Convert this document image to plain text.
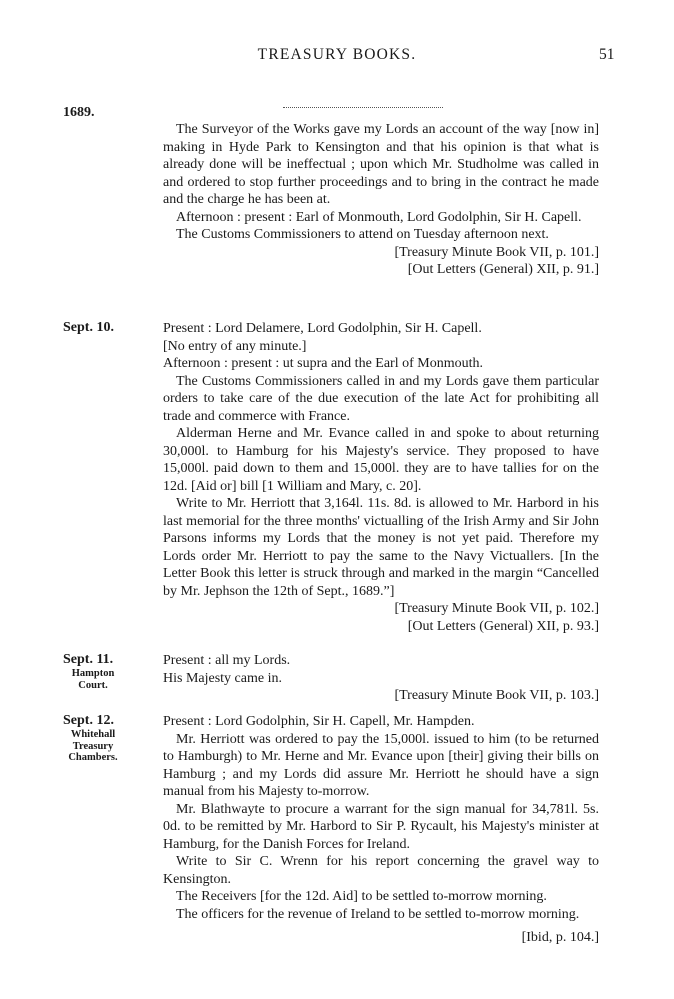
TREASURY BOOKS.	51
1689.

The Surveyor of the Works gave my Lords an account of the way [now in] making in Hyde Park to Kensington and that his opinion is that what is already done will be ineffectual ; upon which Mr. Studholme was called in and ordered to stop further proceedings and to bring in the contract he made and the charge he has been at.

Afternoon : present : Earl of Monmouth, Lord Godolphin, Sir H. Capell.

The Customs Commissioners to attend on Tuesday afternoon next.

[Treasury Minute Book VII, p. 101.]

[Out Letters (General) XII, p. 91.]

Sept. 10.	Present : Lord Delamere, Lord Godolphin, Sir H. Capell.

[No entry of any minute.]

Afternoon : present : ut supra and the Earl of Monmouth.

The Customs Commissioners called in and my Lords gave them particular orders to take care of the due execution of the late Act for prohibiting all trade and commerce with France.

Alderman Herne and Mr. Evance called in and spoke to about returning 30,000l. to Hamburg for his Majesty's service. They proposed to have 15,000l. paid down to them and 15,000l. they are to have tallies for on the 12d. [Aid or] bill [1 William and Mary, c. 20].

Write to Mr. Herriott that 3,164l. 11s. 8d. is allowed to Mr. Harbord in his last memorial for the three months' victualling of the Irish Army and Sir John Parsons informs my Lords that the money is not yet paid. Therefore my Lords order Mr. Herriott to pay the same to the Navy Victuallers. [In the Letter Book this letter is struck through and marked in the margin “Cancelled by Mr. Jephson the 12th of Sept., 1689.”]

[Treasury Minute Book VII, p. 102.]

[Out Letters (General) XII, p. 93.]

Sept. 11.
Hampton Court.

Present : all my Lords.

His Majesty came in.

[Treasury Minute Book VII, p. 103.]

Sept. 12.
Whitehall Treasury Chambers.

Present : Lord Godolphin, Sir H. Capell, Mr. Hampden.

Mr. Herriott was ordered to pay the 15,000l. issued to him (to be returned to Hamburgh) to Mr. Herne and Mr. Evance upon [their] giving their bills on Hamburg ; and my Lords did assure Mr. Herriott he should have a sign manual from his Majesty to-morrow.

Mr. Blathwayte to procure a warrant for the sign manual for 34,781l. 5s. 0d. to be remitted by Mr. Harbord to Sir P. Rycault, his Majesty's minister at Hamburg, for the Danish Forces for Ireland.

Write to Sir C. Wrenn for his report concerning the gravel way to Kensington.

The Receivers [for the 12d. Aid] to be settled to-morrow morning.

The officers for the revenue of Ireland to be settled to-morrow morning.

[Ibid, p. 104.]
